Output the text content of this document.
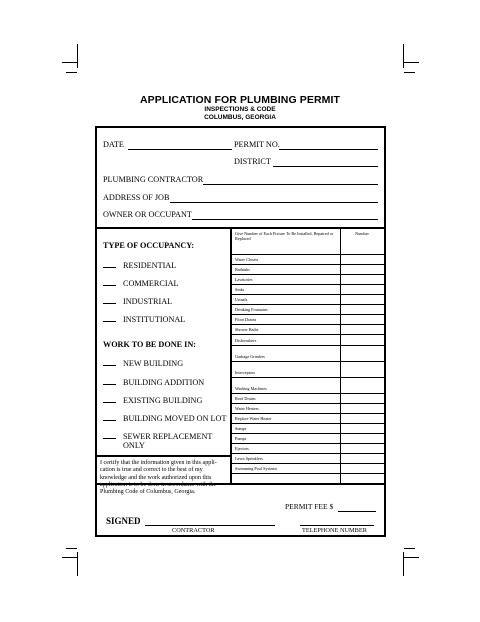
APPLICATION FOR PLUMBING PERMIT
INSPECTIONS & CODE
COLUMBUS, GEORGIA
DATE	PERMIT NO.
DISTRICT
PLUMBING CONTRACTOR
ADDRESS OF JOB
OWNER OR OCCUPANT
TYPE OF OCCUPANCY:
RESIDENTIAL
COMMERCIAL
INDUSTRIAL
INSTITUTIONAL
WORK TO BE DONE IN:
NEW BUILDING
BUILDING ADDITION
EXISTING BUILDING
BUILDING MOVED ON LOT
SEWER REPLACEMENT
ONLY
Give Number of Each Fixture To Be Installed, Repaired or Replaced
Number
Water Closets
Bathtubs
Lavatories
Sinks
Urinals
Drinking Fountains
Floor Drains
Shower Baths
Dishwashers
Garbage Grinders
Interceptors
Washing Machines
Roof Drains
Water Heaters
Replace Water Heater
Sumps
Pumps
Ejectors
Lawn Sprinklers
Swimming Pool Systems
I certify that the information given in this appli-
cation is true and correct to the best of my
knowledge and the work authorized upon this
application is to be done in accordance with the
Plumbing Code of Columbus, Georgia.
PERMIT FEE $
SIGNED
CONTRACTOR	TELEPHONE NUMBER
